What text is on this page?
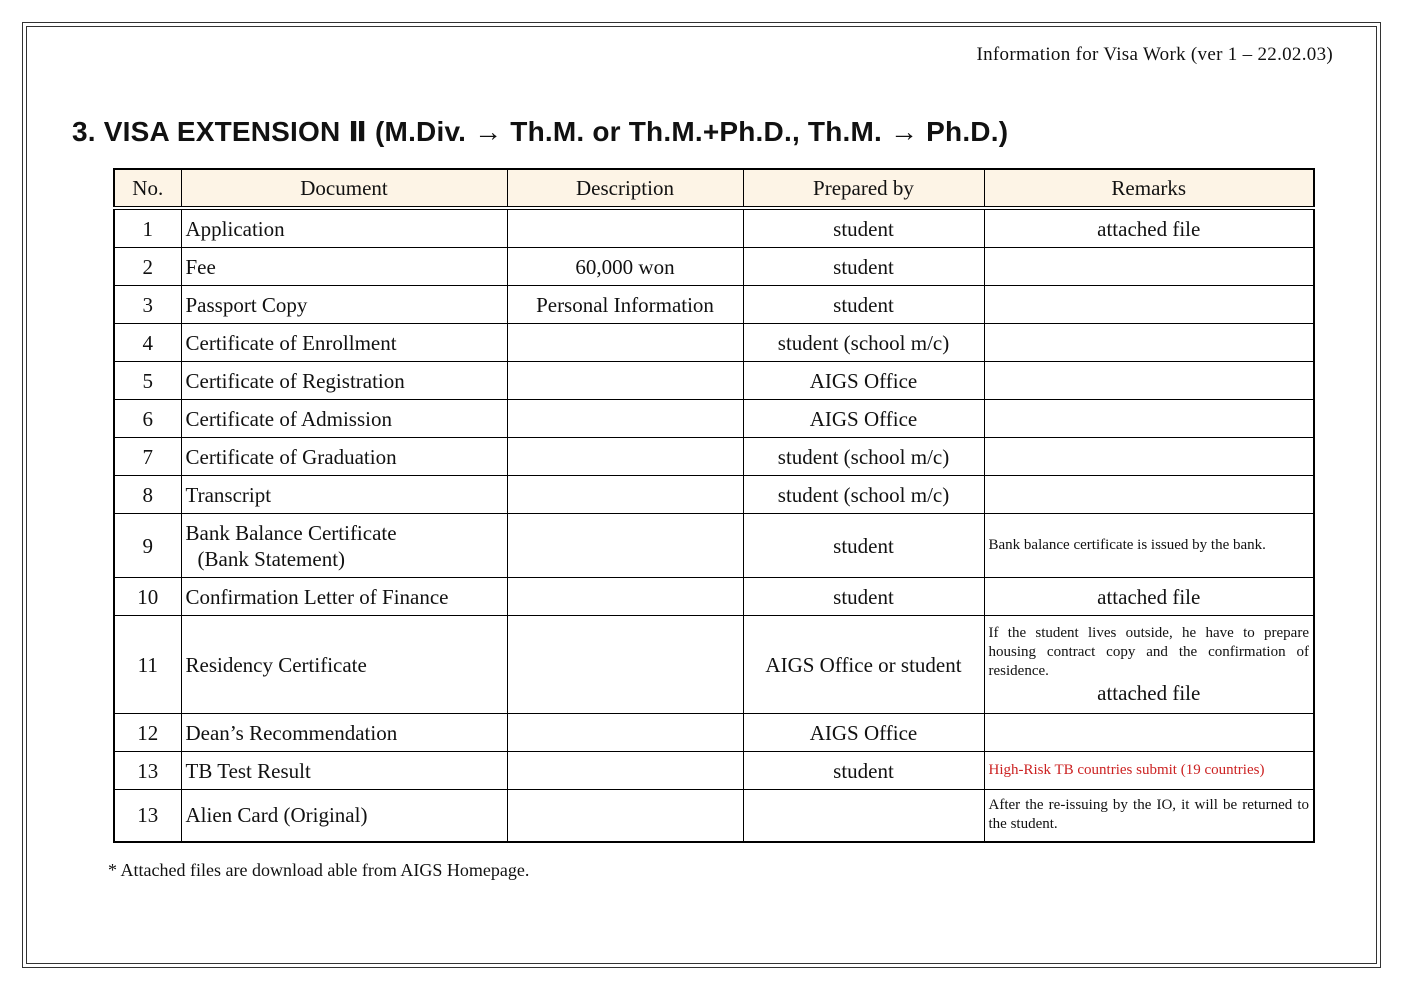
Information for Visa Work (ver 1 – 22.02.03)
3. VISA EXTENSION Ⅱ (M.Div. → Th.M. or Th.M.+Ph.D., Th.M. → Ph.D.)
No.	Document	Description	Prepared by	Remarks
1	Application		student	attached file
2	Fee	60,000 won	student	
3	Passport Copy	Personal Information	student	
4	Certificate of Enrollment		student (school m/c)	
5	Certificate of Registration		AIGS Office	
6	Certificate of Admission		AIGS Office	
7	Certificate of Graduation		student (school m/c)	
8	Transcript		student (school m/c)	
9	Bank Balance Certificate
(Bank Statement)		student	Bank balance certificate is issued by the bank.

10	Confirmation Letter of Finance		student	attached file
11	Residency Certificate		AIGS Office or student	If the student lives outside, he have to prepare housing contract copy and the confirmation of residence.
attached file

12	Dean’s Recommendation		AIGS Office	
13	TB Test Result		student	High-Risk TB countries submit (19 countries)

13	Alien Card (Original)			After the re-issuing by the IO, it will be returned to the student.
* Attached files are download able from AIGS Homepage.
